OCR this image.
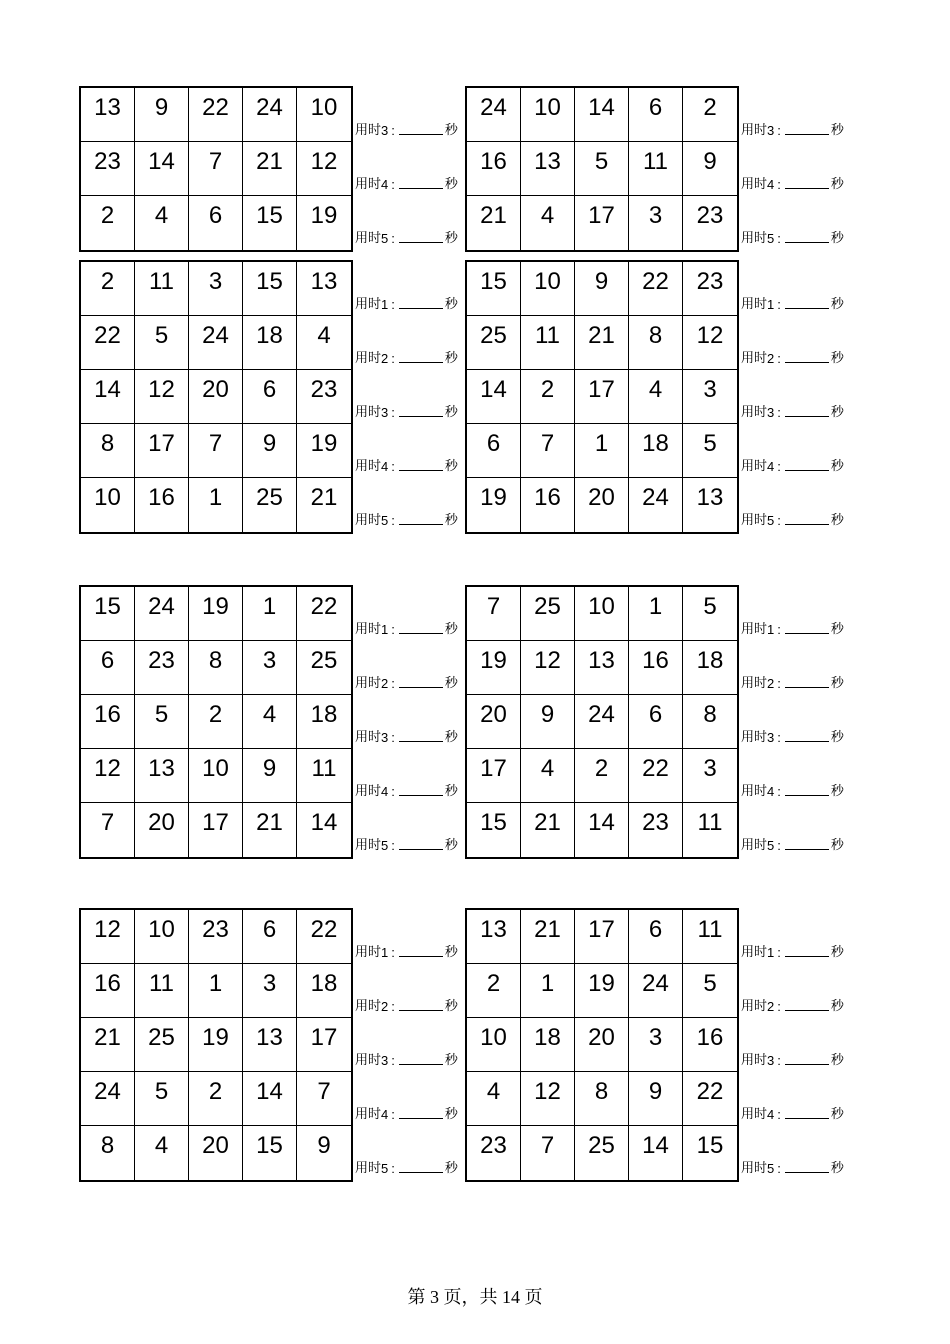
13	9	22	24	10
23	14	7	21	12
2	4	6	15	19
用时 3 :	秒
用时 4 :	秒
用时 5 :	秒
24	10	14	6	2
16	13	5	11	9
21	4	17	3	23
用时 3 :	秒
用时 4 :	秒
用时 5 :	秒
2	11	3	15	13
22	5	24	18	4
14	12	20	6	23
8	17	7	9	19
10	16	1	25	21
用时 1 :	秒
用时 2 :	秒
用时 3 :	秒
用时 4 :	秒
用时 5 :	秒
15	10	9	22	23
25	11	21	8	12
14	2	17	4	3
6	7	1	18	5
19	16	20	24	13
用时 1 :	秒
用时 2 :	秒
用时 3 :	秒
用时 4 :	秒
用时 5 :	秒
15	24	19	1	22
6	23	8	3	25
16	5	2	4	18
12	13	10	9	11
7	20	17	21	14
用时 1 :	秒
用时 2 :	秒
用时 3 :	秒
用时 4 :	秒
用时 5 :	秒
7	25	10	1	5
19	12	13	16	18
20	9	24	6	8
17	4	2	22	3
15	21	14	23	11
用时 1 :	秒
用时 2 :	秒
用时 3 :	秒
用时 4 :	秒
用时 5 :	秒
12	10	23	6	22
16	11	1	3	18
21	25	19	13	17
24	5	2	14	7
8	4	20	15	9
用时 1 :	秒
用时 2 :	秒
用时 3 :	秒
用时 4 :	秒
用时 5 :	秒
13	21	17	6	11
2	1	19	24	5
10	18	20	3	16
4	12	8	9	22
23	7	25	14	15
用时 1 :	秒
用时 2 :	秒
用时 3 :	秒
用时 4 :	秒
用时 5 :	秒
第 3 页，共 14 页
